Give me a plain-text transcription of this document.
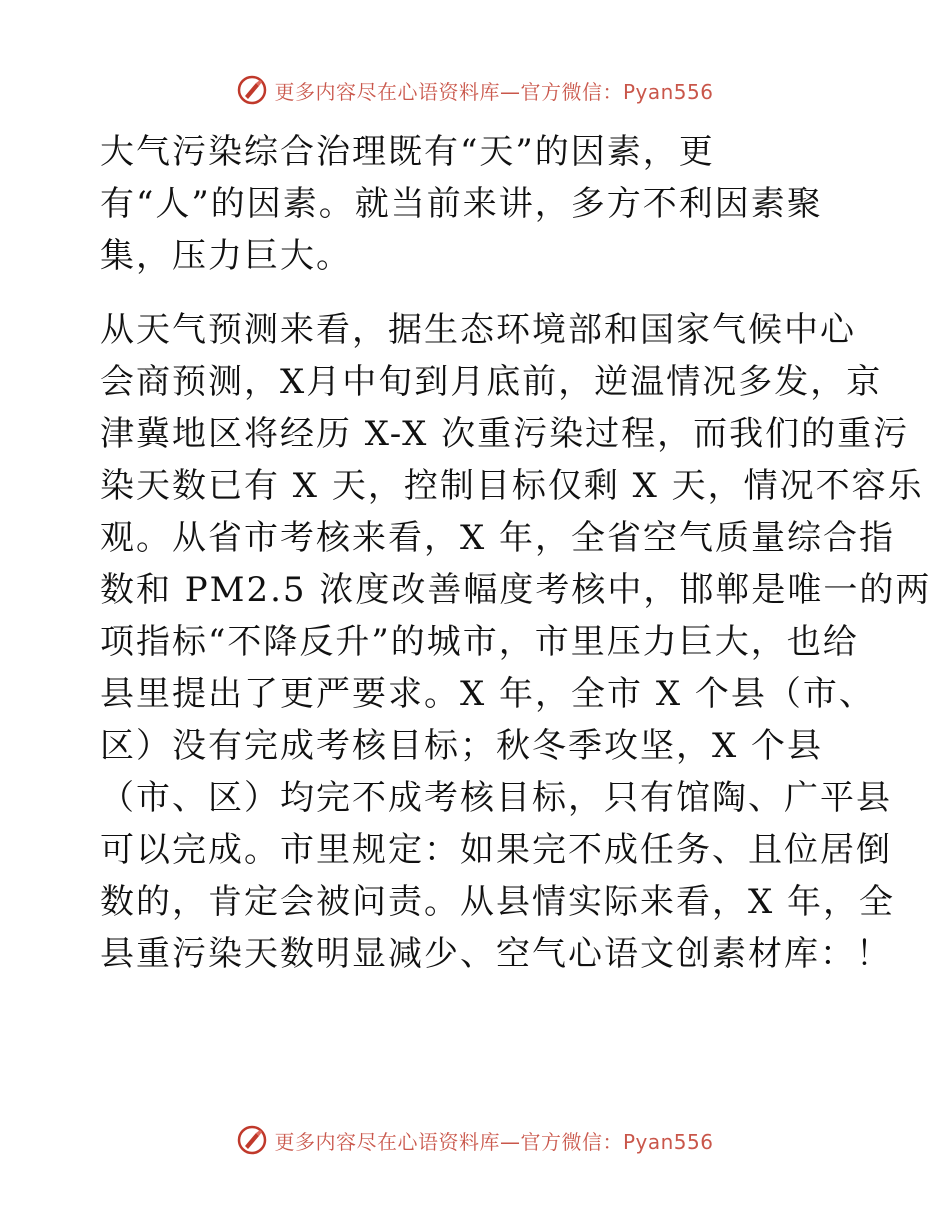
更多内容尽在心语资料库—官方微信：Pyan556
大气污染综合治理既有“天”的因素，更
有“人”的因素。就当前来讲，多方不利因素聚
集，压力巨大。
从天气预测来看，据生态环境部和国家气候中心
会商预测，X月中旬到月底前，逆温情况多发，京
津冀地区将经历 X-X 次重污染过程，而我们的重污
染天数已有 X 天，控制目标仅剩 X 天，情况不容乐
观。从省市考核来看，X 年，全省空气质量综合指
数和 PM2.5 浓度改善幅度考核中，邯郸是唯一的两
项指标“不降反升”的城市，市里压力巨大，也给
县里提出了更严要求。X 年，全市 X 个县（市、
区）没有完成考核目标；秋冬季攻坚，X 个县
（市、区）均完不成考核目标，只有馆陶、广平县
可以完成。市里规定：如果完不成任务、且位居倒
数的，肯定会被问责。从县情实际来看，X 年，全
县重污染天数明显减少、空气心语文创素材库：！
更多内容尽在心语资料库—官方微信：Pyan556
